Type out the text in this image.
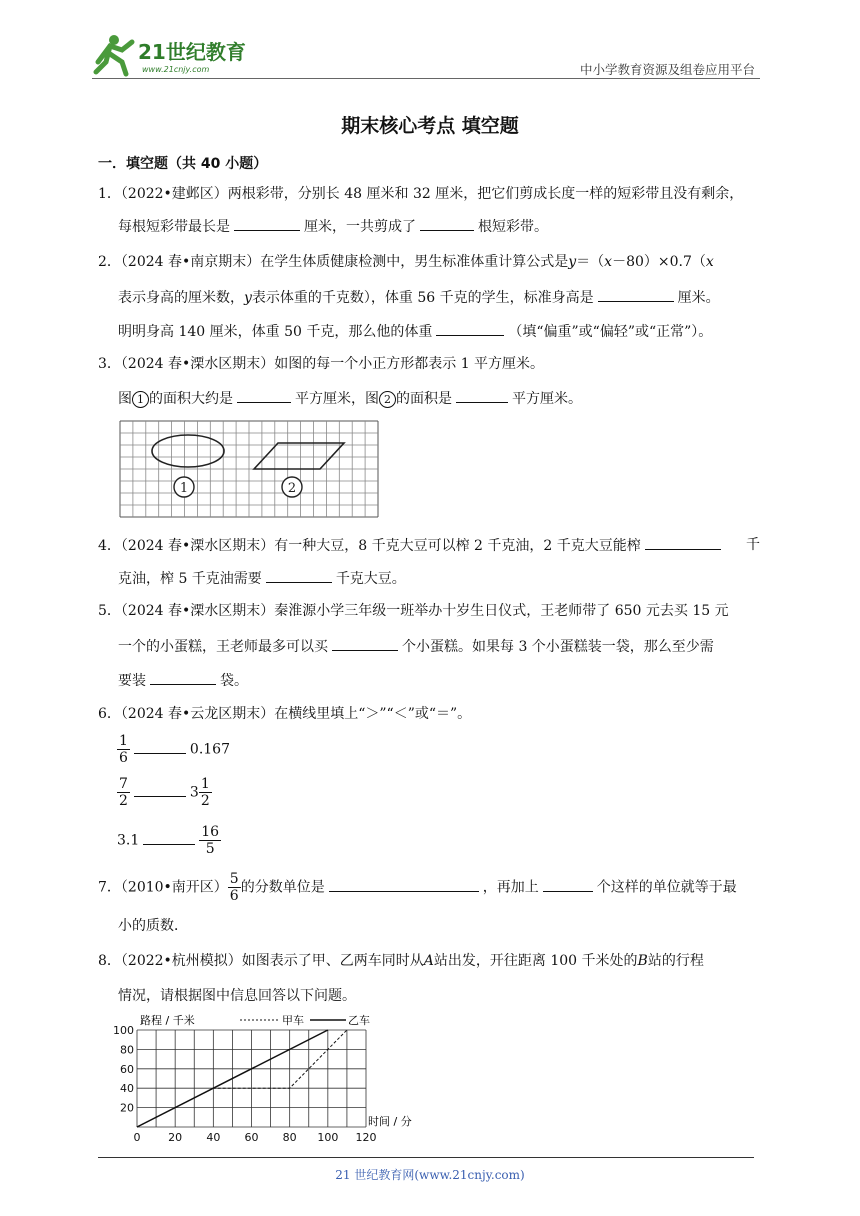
21世纪教育
www.21cnjy.com	中小学教育资源及组卷应用平台
期末核心考点 填空题
一．填空题（共 40 小题）
1．（2022•建邺区）两根彩带，分别长 48 厘米和 32 厘米，把它们剪成长度一样的短彩带且没有剩余，
每根短彩带最长是	厘米，一共剪成了	根短彩带。
2．（2024 春•南京期末）在学生体质健康检测中，男生标准体重计算公式是y＝（x－80）×0.7（x
表示身高的厘米数，y表示体重的千克数），体重 56 千克的学生，标准身高是	厘米。
明明身高 140 厘米，体重 50 千克，那么他的体重	（填“偏重”或“偏轻”或“正常”）。
3．（2024 春•溧水区期末）如图的每一个小正方形都表示 1 平方厘米。
图 1 的面积大约是	平方厘米，图 2 的面积是	平方厘米。
1	2
4．（2024 春•溧水区期末）有一种大豆，8 千克大豆可以榨 2 千克油，2 千克大豆能榨	千
克油，榨 5 千克油需要	千克大豆。
5．（2024 春•溧水区期末）秦淮源小学三年级一班举办十岁生日仪式，王老师带了 650 元去买 15 元
一个的小蛋糕，王老师最多可以买	个小蛋糕。如果每 3 个小蛋糕装一袋，那么至少需
要装	袋。
6．（2024 春•云龙区期末）在横线里填上“＞”“＜”或“＝”。
$\frac{1}{6}$	0.167
$\frac{7}{2}$	$3 \frac{1}{2}$
3.1	$\frac{16}{5}$
7．（2010•南开区） $\frac{5}{6}$ 的分数单位是	，再加上	个这样的单位就等于最
小的质数．
8．（2022•杭州模拟）如图表示了甲、乙两车同时从A站出发，开往距离 100 千米处的B站的行程
情况，请根据图中信息回答以下问题。
0	20 40 60 80 100 120
20
40
60
80
100
路程 / 千米
时间 / 分
甲车	乙车
21 世纪教育网(www.21cnjy.com)
